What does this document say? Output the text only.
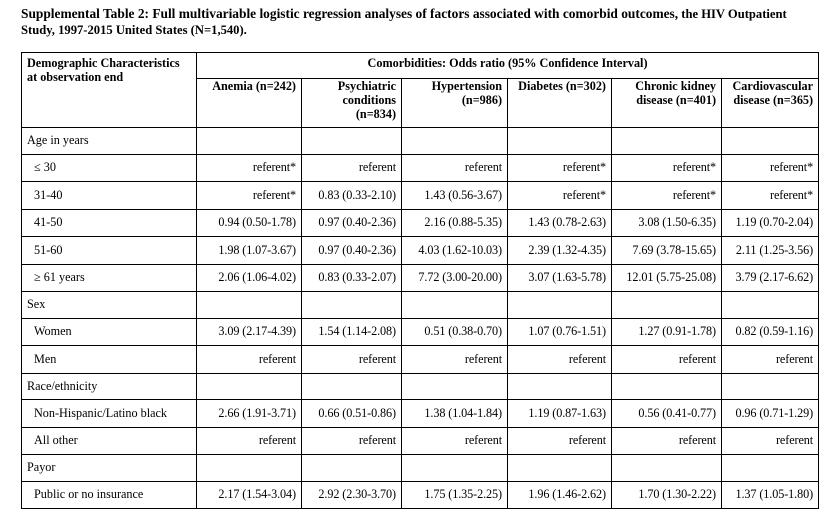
Supplemental Table 2: Full multivariable logistic regression analyses of factors associated with comorbid outcomes, the HIV Outpatient Study, 1997-2015 United States (N=1,540).
Demographic Characteristics at observation end	Comorbidities: Odds ratio (95% Confidence Interval)					
	Anemia (n=242)	Psychiatric conditions (n=834)	Hypertension (n=986)	Diabetes (n=302)	Chronic kidney disease (n=401)	Cardiovascular disease (n=365)
Age in years						
≤ 30	referent*	referent	referent	referent*	referent*	referent*
31-40	referent*	0.83 (0.33-2.10)	1.43 (0.56-3.67)	referent*	referent*	referent*
41-50	0.94 (0.50-1.78)	0.97 (0.40-2.36)	2.16 (0.88-5.35)	1.43 (0.78-2.63)	3.08 (1.50-6.35)	1.19 (0.70-2.04)
51-60	1.98 (1.07-3.67)	0.97 (0.40-2.36)	4.03 (1.62-10.03)	2.39 (1.32-4.35)	7.69 (3.78-15.65)	2.11 (1.25-3.56)
≥ 61 years	2.06 (1.06-4.02)	0.83 (0.33-2.07)	7.72 (3.00-20.00)	3.07 (1.63-5.78)	12.01 (5.75-25.08)	3.79 (2.17-6.62)
Sex						
Women	3.09 (2.17-4.39)	1.54 (1.14-2.08)	0.51 (0.38-0.70)	1.07 (0.76-1.51)	1.27 (0.91-1.78)	0.82 (0.59-1.16)
Men	referent	referent	referent	referent	referent	referent
Race/ethnicity						
Non-Hispanic/Latino black	2.66 (1.91-3.71)	0.66 (0.51-0.86)	1.38 (1.04-1.84)	1.19 (0.87-1.63)	0.56 (0.41-0.77)	0.96 (0.71-1.29)
All other	referent	referent	referent	referent	referent	referent
Payor						
Public or no insurance	2.17 (1.54-3.04)	2.92 (2.30-3.70)	1.75 (1.35-2.25)	1.96 (1.46-2.62)	1.70 (1.30-2.22)	1.37 (1.05-1.80)
